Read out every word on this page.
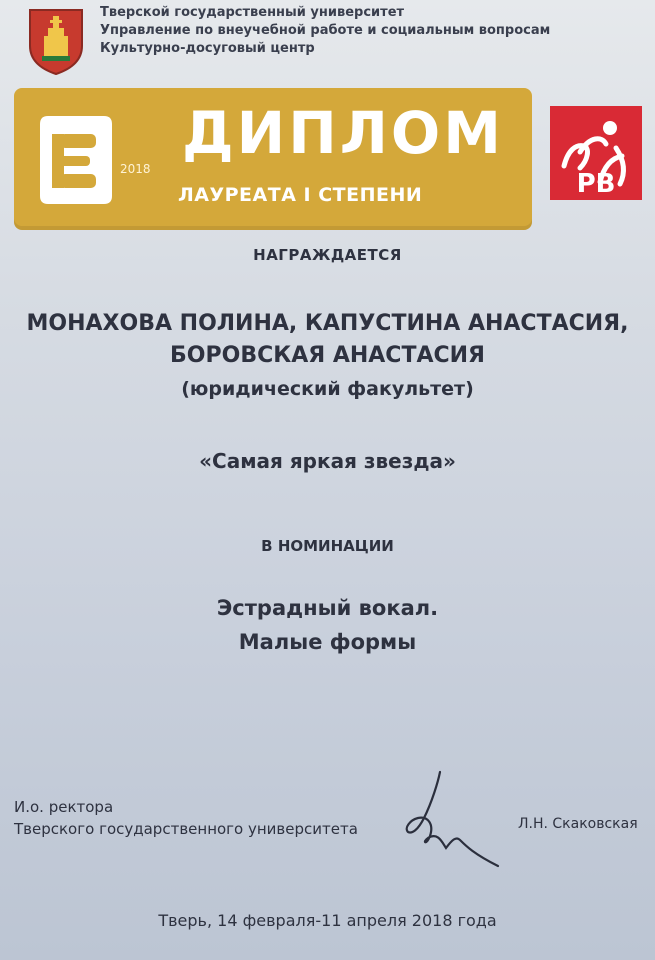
Тверской государственный университет
Управление по внеучебной работе и социальным вопросам
Культурно-досуговый центр
2018
ДИПЛОМ
ЛАУРЕАТА I СТЕПЕНИ	РВ
НАГРАЖДАЕТСЯ
МОНАХОВА ПОЛИНА, КАПУСТИНА АНАСТАСИЯ,
БОРОВСКАЯ АНАСТАСИЯ
(юридический факультет)
«Самая яркая звезда»
В НОМИНАЦИИ
Эстрадный вокал.
Малые формы
И.о. ректора
Тверского государственного университета	Л.Н. Скаковская
Тверь, 14 февраля-11 апреля 2018 года
